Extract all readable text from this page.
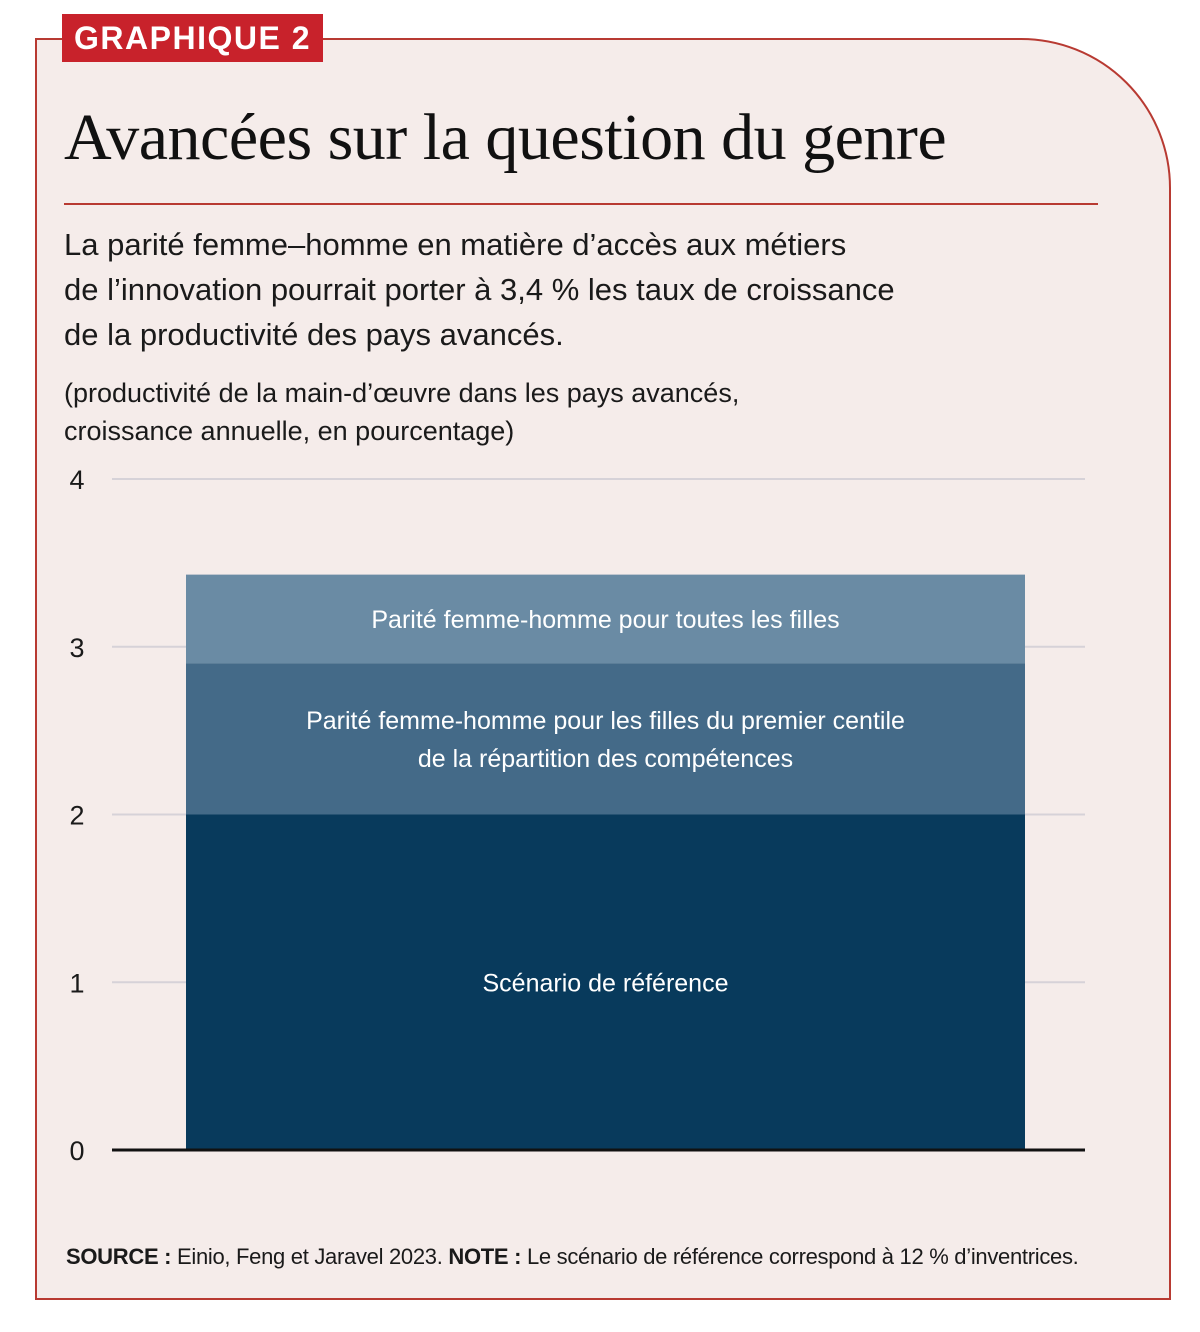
GRAPHIQUE 2
Avancées sur la question du genre
La parité femme–homme en matière d’accès aux métiers
de l’innovation pourrait porter à 3,4 % les taux de croissance
de la productivité des pays avancés.
(productivité de la main-d’œuvre dans les pays avancés,
croissance annuelle, en pourcentage)
0
1
2
3
4
Scénario de référence
Parité femme-homme pour les filles du premier centile
de la répartition des compétences
Parité femme-homme pour toutes les filles
SOURCE : Einio, Feng et Jaravel 2023. NOTE : Le scénario de référence correspond à 12 % d’inventrices.
